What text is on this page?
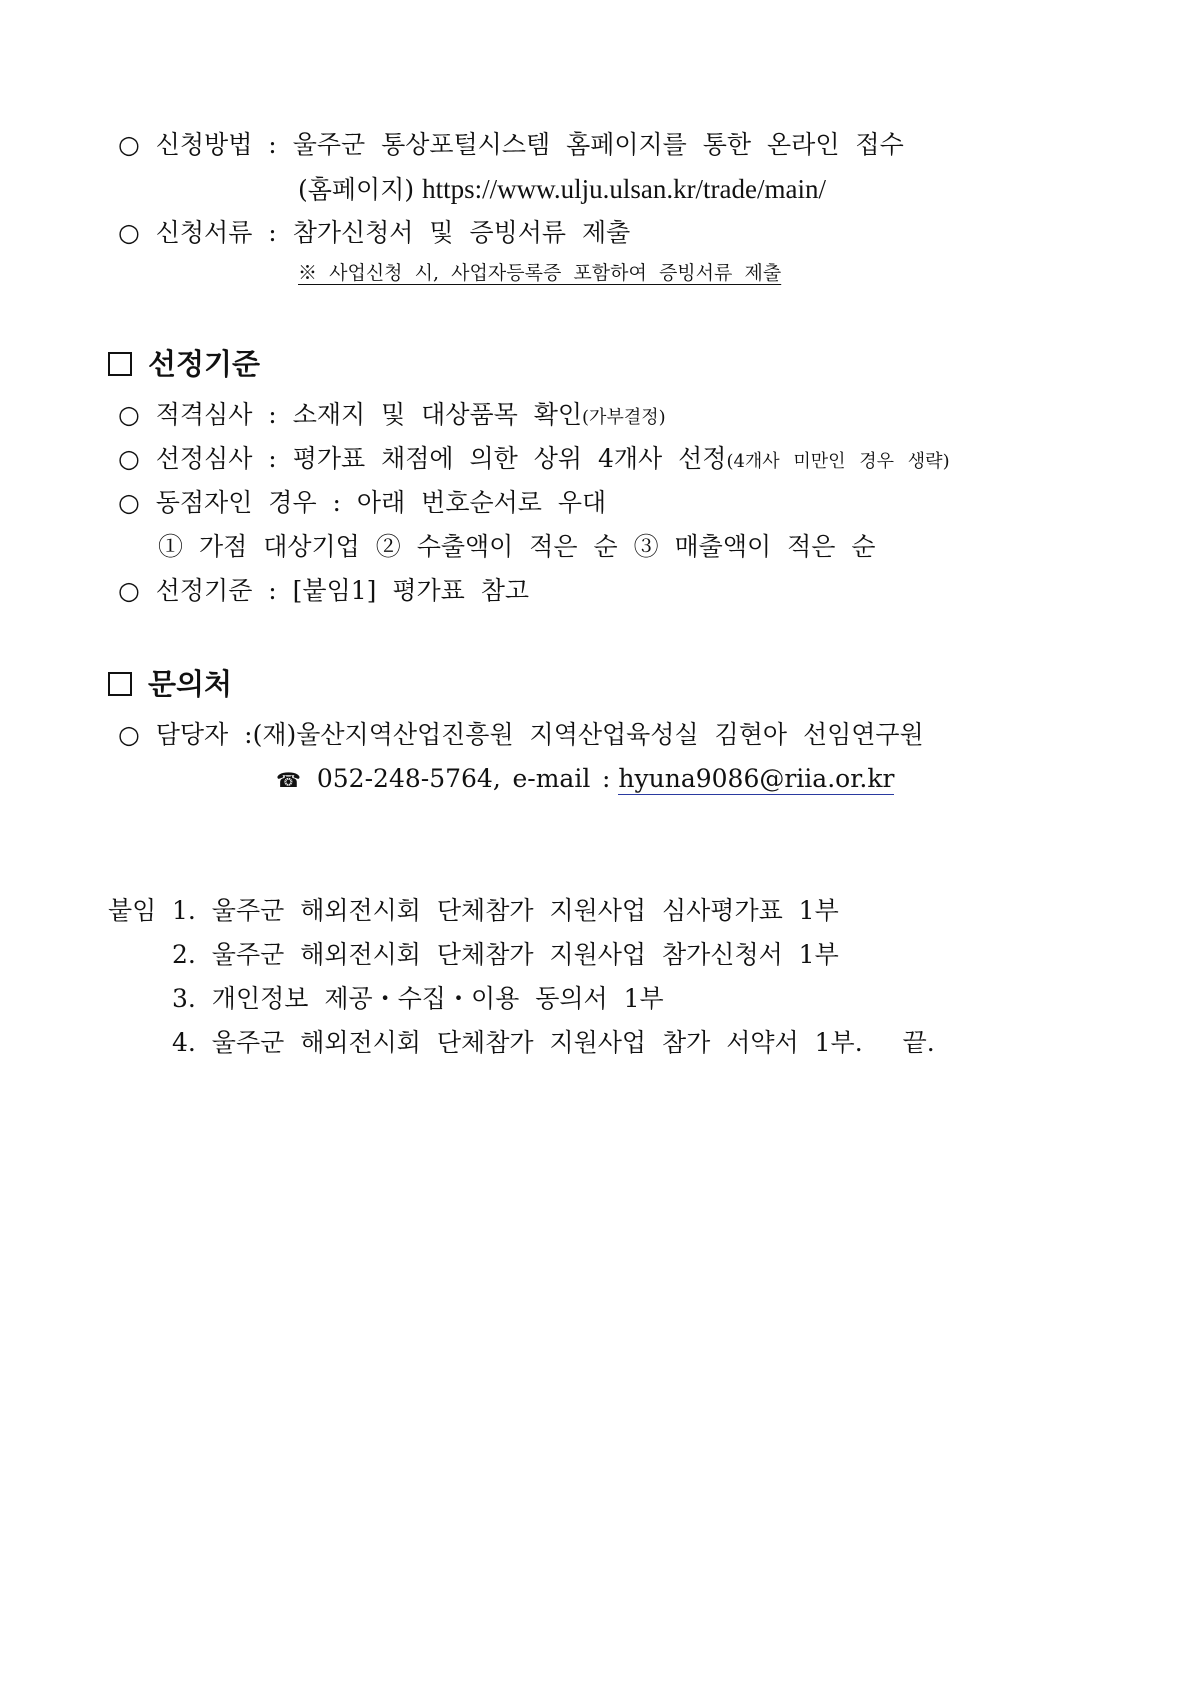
○ 신청방법 : 울주군 통상포털시스템 홈페이지를 통한 온라인 접수
(홈페이지) https://www.ulju.ulsan.kr/trade/main/
○ 신청서류 : 참가신청서 및 증빙서류 제출
※ 사업신청 시, 사업자등록증 포함하여 증빙서류 제출
선정기준
○ 적격심사 : 소재지 및 대상품목 확인(가부결정)
○ 선정심사 : 평가표 채점에 의한 상위 4개사 선정(4개사 미만인 경우 생략)
○ 동점자인 경우 : 아래 번호순서로 우대
① 가점 대상기업 ② 수출액이 적은 순 ③ 매출액이 적은 순
○ 선정기준 : [붙임1] 평가표 참고
문의처
○ 담당자 :(재)울산지역산업진흥원 지역산업육성실 김현아 선임연구원
☎ 052-248-5764, e-mail : hyuna9086@riia.or.kr
붙임 1. 울주군 해외전시회 단체참가 지원사업 심사평가표 1부
2. 울주군 해외전시회 단체참가 지원사업 참가신청서 1부
3. 개인정보 제공・수집・이용 동의서 1부
4. 울주군 해외전시회 단체참가 지원사업 참가 서약서 1부. 끝.
